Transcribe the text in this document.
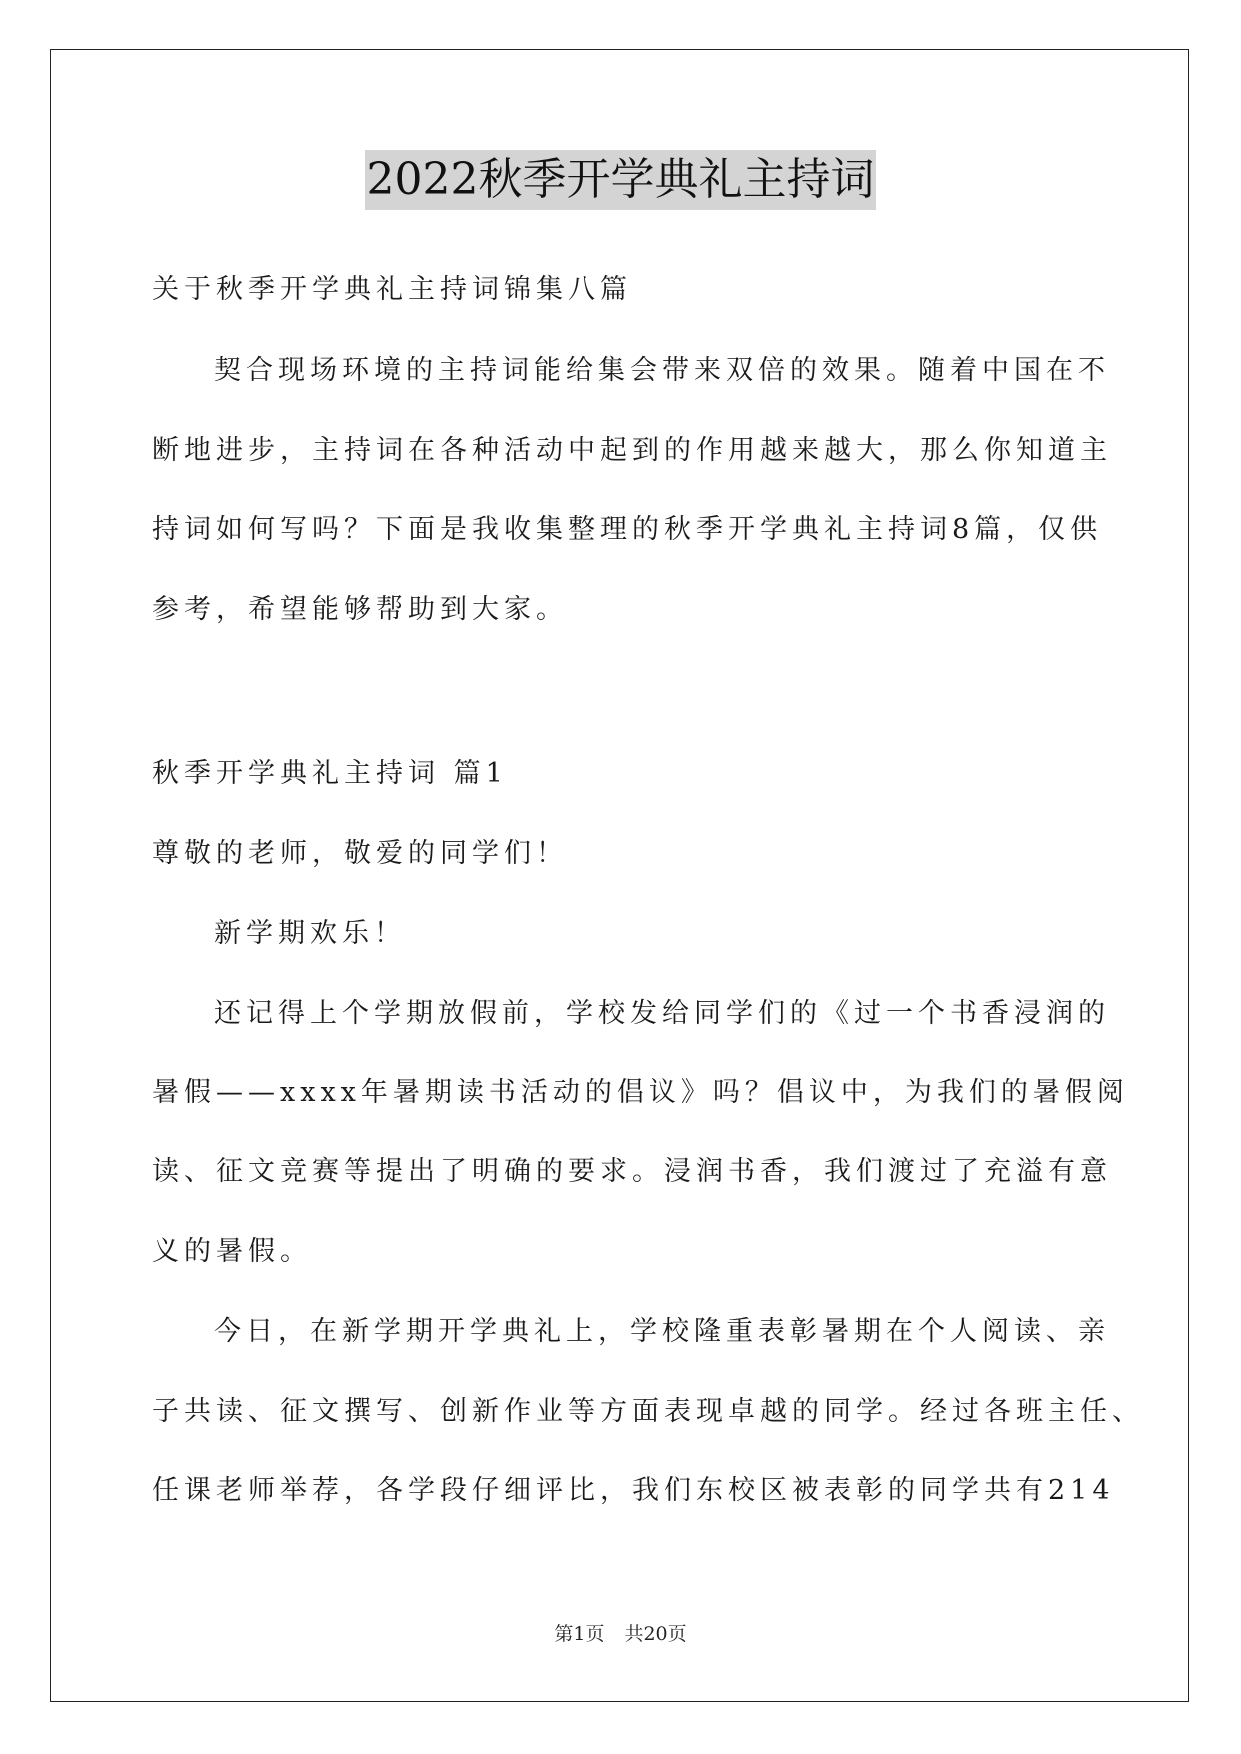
2022秋季开学典礼主持词
关于秋季开学典礼主持词锦集八篇
契合现场环境的主持词能给集会带来双倍的效果。随着中国在不
断地进步，主持词在各种活动中起到的作用越来越大，那么你知道主
持词如何写吗？下面是我收集整理的秋季开学典礼主持词8篇，仅供
参考，希望能够帮助到大家。
秋季开学典礼主持词 篇1
尊敬的老师，敬爱的同学们！
新学期欢乐！
还记得上个学期放假前，学校发给同学们的《过一个书香浸润的
暑假——xxxx年暑期读书活动的倡议》吗？倡议中，为我们的暑假阅
读、征文竞赛等提出了明确的要求。浸润书香，我们渡过了充溢有意
义的暑假。
今日，在新学期开学典礼上，学校隆重表彰暑期在个人阅读、亲
子共读、征文撰写、创新作业等方面表现卓越的同学。经过各班主任、
任课老师举荐，各学段仔细评比，我们东校区被表彰的同学共有214
第1页 共20页
